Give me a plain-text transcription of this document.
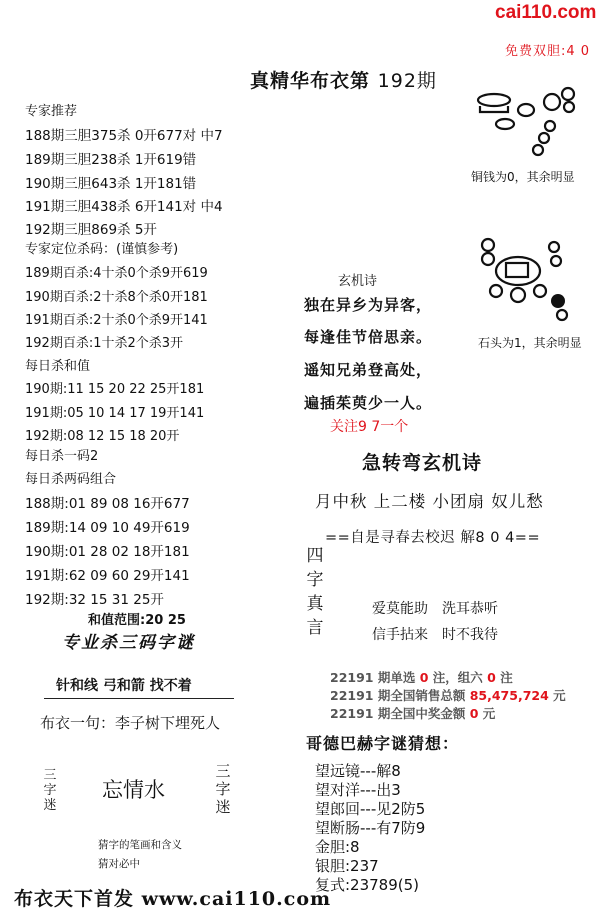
cai110.com
免费双胆:4 0
真精华布衣第 192期
专家推荐
188期三胆375杀 0开677对 中7
189期三胆238杀 1开619错
190期三胆643杀 1开181错
191期三胆438杀 6开141对 中4
192期三胆869杀 5开
专家定位杀码：(谨慎参考)
189期百杀:4十杀0个杀9开619
190期百杀:2十杀8个杀0开181
191期百杀:2十杀0个杀9开141
192期百杀:1十杀2个杀3开
每日杀和值
190期:11 15 20 22 25开181
191期:05 10 14 17 19开141
192期:08 12 15 18 20开
每日杀一码2
每日杀两码组合
188期:01 89 08 16开677
189期:14 09 10 49开619
190期:01 28 02 18开181
191期:62 09 60 29开141
192期:32 15 31 25开
和值范围:20 25
专业杀三码字谜
针和线 弓和箭 找不着
布衣一句：李子树下埋死人
三
字
迷
忘情水
三
字
迷
猜字的笔画和含义
猜对必中
布衣天下首发 www.cai110.com
铜钱为0，其余明显
石头为1，其余明显
玄机诗
独在异乡为异客，
每逢佳节倍思亲。
遥知兄弟登高处，
遍插茱萸少一人。
关注9 7一个
急转弯玄机诗
月中秋 上二楼 小团扇 奴儿愁
==自是寻春去校迟 解8 0 4==
四
字
真
言
爱莫能助　洗耳恭听
信手拈来　时不我待
22191 期单选 0 注，组六 0 注
22191 期全国销售总额 85,475,724 元
22191 期全国中奖金额 0 元
哥德巴赫字谜猜想：
望远镜---解8
望对洋---出3
望郎回---见2防5
望断肠---有7防9
金胆:8
银胆:237
复式:23789(5)
